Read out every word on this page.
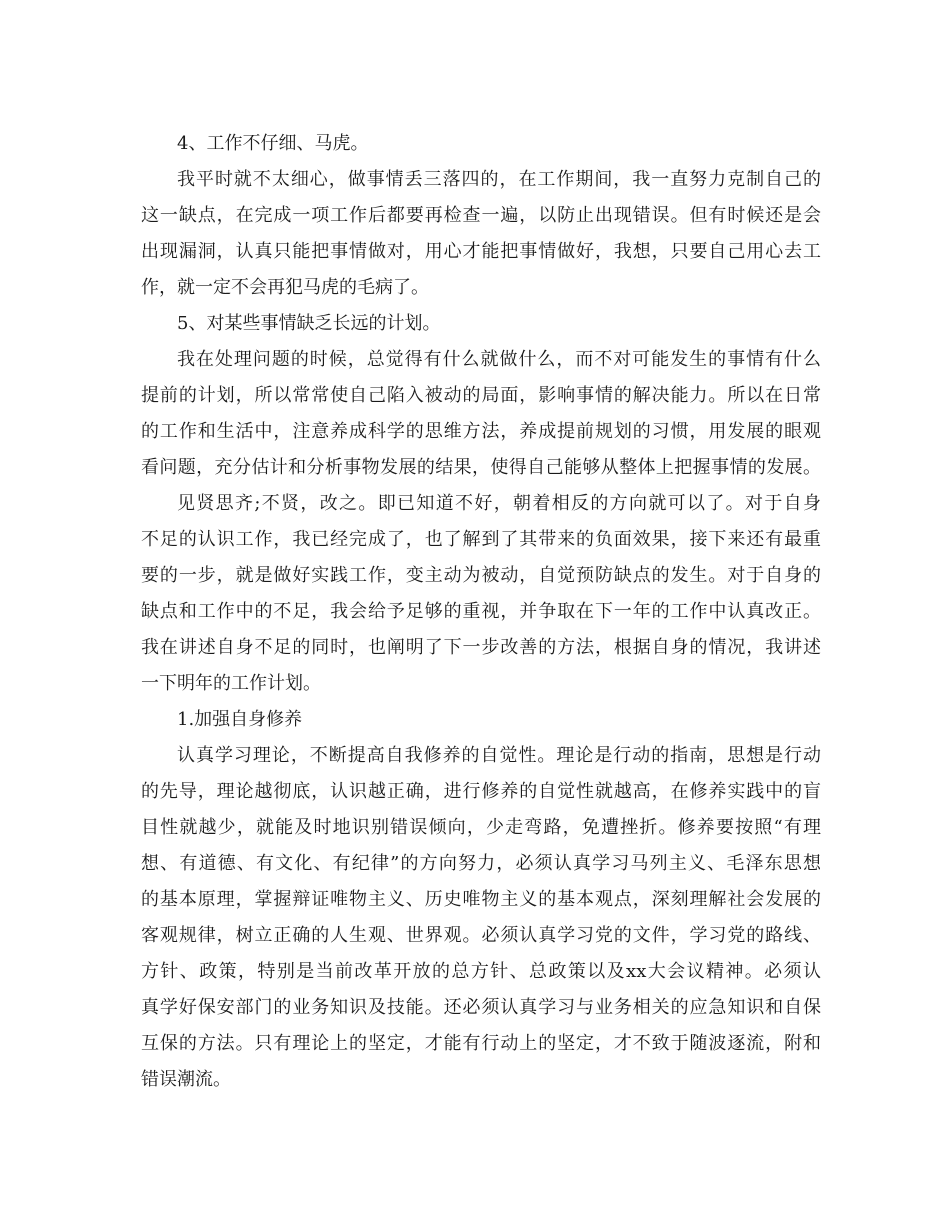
4、工作不仔细、马虎。
我平时就不太细心，做事情丢三落四的，在工作期间，我一直努力克制自己的
这一缺点，在完成一项工作后都要再检查一遍，以防止出现错误。但有时候还是会
出现漏洞，认真只能把事情做对，用心才能把事情做好，我想，只要自己用心去工
作，就一定不会再犯马虎的毛病了。
5、对某些事情缺乏长远的计划。
我在处理问题的时候，总觉得有什么就做什么，而不对可能发生的事情有什么
提前的计划，所以常常使自己陷入被动的局面，影响事情的解决能力。所以在日常
的工作和生活中，注意养成科学的思维方法，养成提前规划的习惯，用发展的眼观
看问题，充分估计和分析事物发展的结果，使得自己能够从整体上把握事情的发展。
见贤思齐;不贤，改之。即已知道不好，朝着相反的方向就可以了。对于自身
不足的认识工作，我已经完成了，也了解到了其带来的负面效果，接下来还有最重
要的一步，就是做好实践工作，变主动为被动，自觉预防缺点的发生。对于自身的
缺点和工作中的不足，我会给予足够的重视，并争取在下一年的工作中认真改正。
我在讲述自身不足的同时，也阐明了下一步改善的方法，根据自身的情况，我讲述
一下明年的工作计划。
1.加强自身修养
认真学习理论，不断提高自我修养的自觉性。理论是行动的指南，思想是行动
的先导，理论越彻底，认识越正确，进行修养的自觉性就越高，在修养实践中的盲
目性就越少，就能及时地识别错误倾向，少走弯路，免遭挫折。修养要按照“有理
想、有道德、有文化、有纪律”的方向努力，必须认真学习马列主义、毛泽东思想
的基本原理，掌握辩证唯物主义、历史唯物主义的基本观点，深刻理解社会发展的
客观规律，树立正确的人生观、世界观。必须认真学习党的文件，学习党的路线、
方针、政策，特别是当前改革开放的总方针、总政策以及xx大会议精神。必须认
真学好保安部门的业务知识及技能。还必须认真学习与业务相关的应急知识和自保
互保的方法。只有理论上的坚定，才能有行动上的坚定，才不致于随波逐流，附和
错误潮流。
